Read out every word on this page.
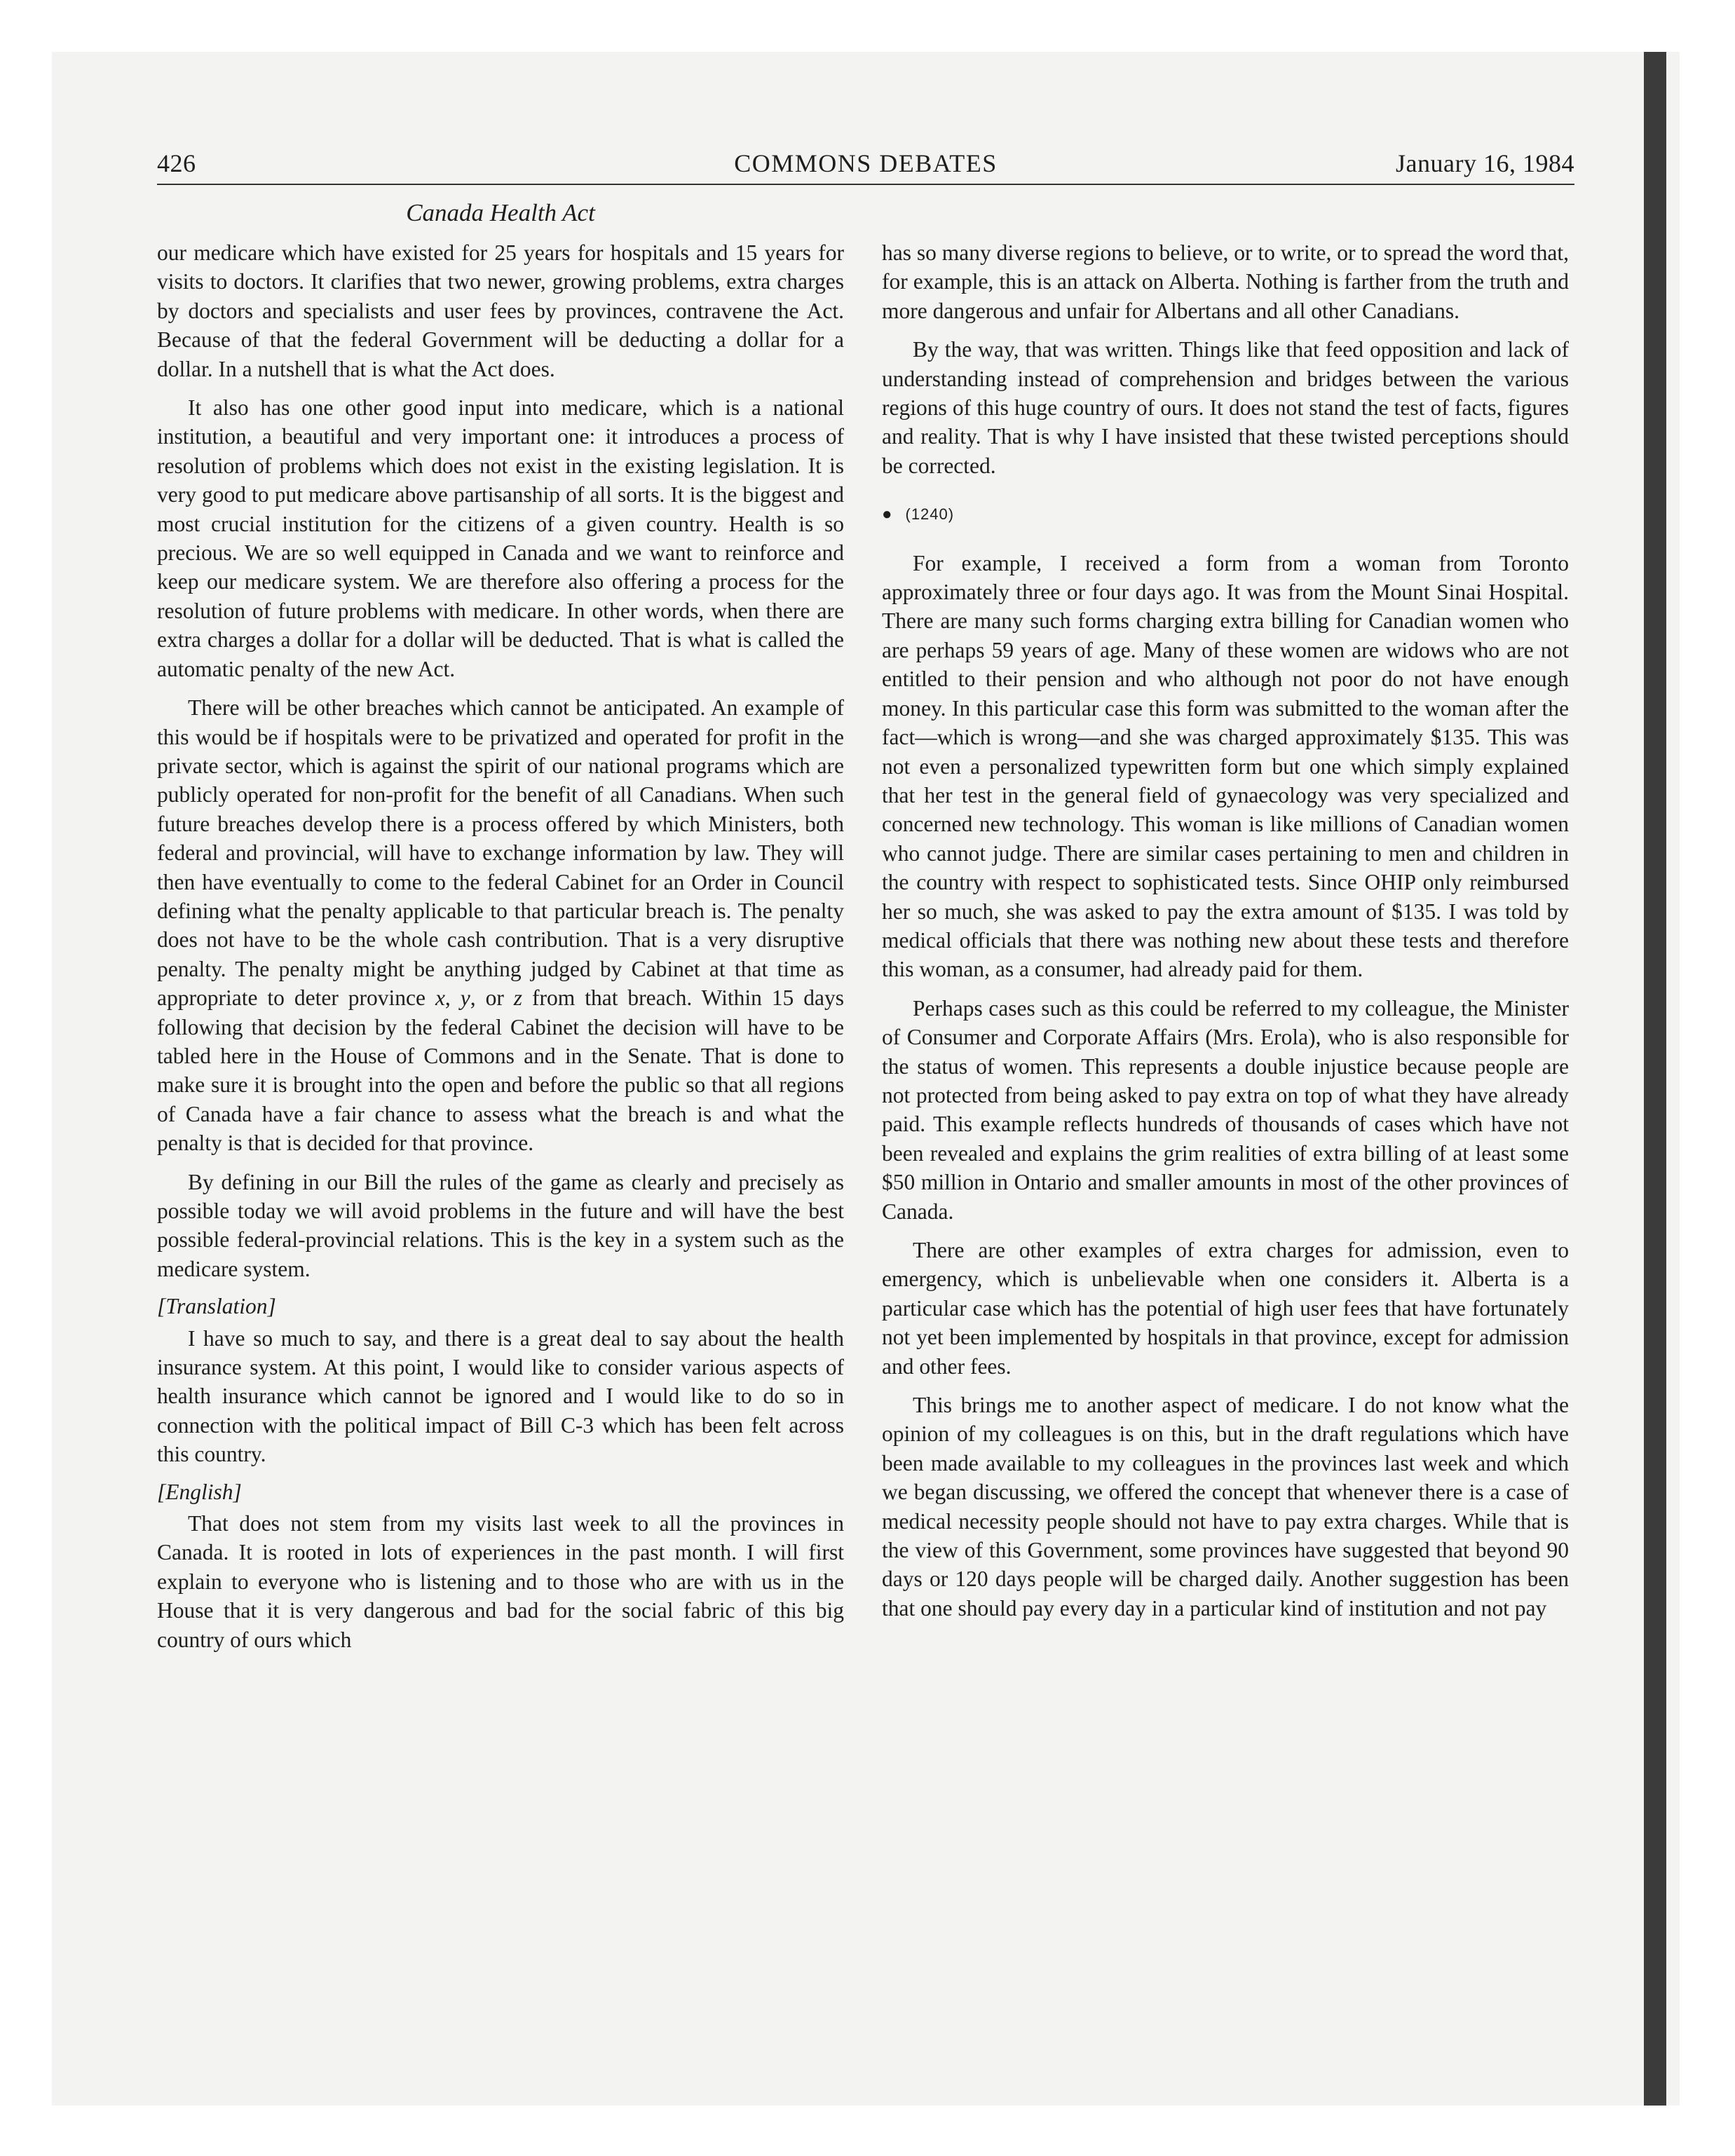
426	COMMONS DEBATES	January 16, 1984
Canada Health Act

our medicare which have existed for 25 years for hospitals and 15 years for visits to doctors. It clarifies that two newer, growing problems, extra charges by doctors and specialists and user fees by provinces, contravene the Act. Because of that the federal Government will be deducting a dollar for a dollar. In a nutshell that is what the Act does.

It also has one other good input into medicare, which is a national institution, a beautiful and very important one: it introduces a process of resolution of problems which does not exist in the existing legislation. It is very good to put medicare above partisanship of all sorts. It is the biggest and most crucial institution for the citizens of a given country. Health is so precious. We are so well equipped in Canada and we want to reinforce and keep our medicare system. We are therefore also offering a process for the resolution of future problems with medicare. In other words, when there are extra charges a dollar for a dollar will be deducted. That is what is called the automatic penalty of the new Act.

There will be other breaches which cannot be anticipated. An example of this would be if hospitals were to be privatized and operated for profit in the private sector, which is against the spirit of our national programs which are publicly operated for non-profit for the benefit of all Canadians. When such future breaches develop there is a process offered by which Ministers, both federal and provincial, will have to exchange information by law. They will then have eventually to come to the federal Cabinet for an Order in Council defining what the penalty applicable to that particular breach is. The penalty does not have to be the whole cash contribution. That is a very disruptive penalty. The penalty might be anything judged by Cabinet at that time as appropriate to deter province x, y, or z from that breach. Within 15 days following that decision by the federal Cabinet the decision will have to be tabled here in the House of Commons and in the Senate. That is done to make sure it is brought into the open and before the public so that all regions of Canada have a fair chance to assess what the breach is and what the penalty is that is decided for that province.

By defining in our Bill the rules of the game as clearly and precisely as possible today we will avoid problems in the future and will have the best possible federal-provincial relations. This is the key in a system such as the medicare system.

[Translation]

I have so much to say, and there is a great deal to say about the health insurance system. At this point, I would like to consider various aspects of health insurance which cannot be ignored and I would like to do so in connection with the political impact of Bill C-3 which has been felt across this country.

[English]

That does not stem from my visits last week to all the provinces in Canada. It is rooted in lots of experiences in the past month. I will first explain to everyone who is listening and to those who are with us in the House that it is very dangerous and bad for the social fabric of this big country of ours which

has so many diverse regions to believe, or to write, or to spread the word that, for example, this is an attack on Alberta. Nothing is farther from the truth and more dangerous and unfair for Albertans and all other Canadians.

By the way, that was written. Things like that feed opposition and lack of understanding instead of comprehension and bridges between the various regions of this huge country of ours. It does not stand the test of facts, figures and reality. That is why I have insisted that these twisted perceptions should be corrected.

● (1240)

For example, I received a form from a woman from Toronto approximately three or four days ago. It was from the Mount Sinai Hospital. There are many such forms charging extra billing for Canadian women who are perhaps 59 years of age. Many of these women are widows who are not entitled to their pension and who although not poor do not have enough money. In this particular case this form was submitted to the woman after the fact—which is wrong—and she was charged approximately $135. This was not even a personalized typewritten form but one which simply explained that her test in the general field of gynaecology was very specialized and concerned new technology. This woman is like millions of Canadian women who cannot judge. There are similar cases pertaining to men and children in the country with respect to sophisticated tests. Since OHIP only reimbursed her so much, she was asked to pay the extra amount of $135. I was told by medical officials that there was nothing new about these tests and therefore this woman, as a consumer, had already paid for them.

Perhaps cases such as this could be referred to my colleague, the Minister of Consumer and Corporate Affairs (Mrs. Erola), who is also responsible for the status of women. This represents a double injustice because people are not protected from being asked to pay extra on top of what they have already paid. This example reflects hundreds of thousands of cases which have not been revealed and explains the grim realities of extra billing of at least some $50 million in Ontario and smaller amounts in most of the other provinces of Canada.

There are other examples of extra charges for admission, even to emergency, which is unbelievable when one considers it. Alberta is a particular case which has the potential of high user fees that have fortunately not yet been implemented by hospitals in that province, except for admission and other fees.

This brings me to another aspect of medicare. I do not know what the opinion of my colleagues is on this, but in the draft regulations which have been made available to my colleagues in the provinces last week and which we began discussing, we offered the concept that whenever there is a case of medical necessity people should not have to pay extra charges. While that is the view of this Government, some provinces have suggested that beyond 90 days or 120 days people will be charged daily. Another suggestion has been that one should pay every day in a particular kind of institution and not pay
